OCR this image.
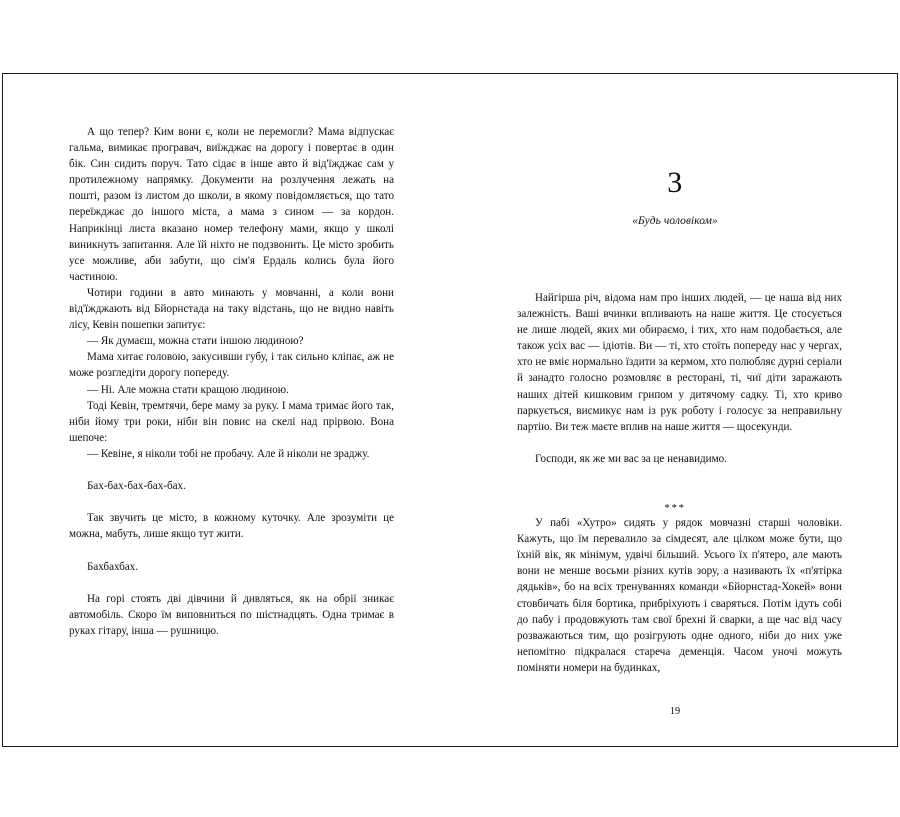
А що тепер? Ким вони є, коли не перемогли? Мама відпускає гальма, вимикає програвач, виїжджає на дорогу і повертає в один бік. Син сидить поруч. Тато сідає в інше авто й від'їжджає сам у протилежному напрямку. Документи на розлучення лежать на пошті, разом із листом до школи, в якому повідомляється, що тато переїжджає до іншого міста, а мама з сином — за кордон. Наприкінці листа вказано номер телефону мами, якщо у школі виникнуть запитання. Але їй ніхто не подзвонить. Це місто зробить усе можливе, аби забути, що сім'я Ердаль колись була його частиною.

Чотири години в авто минають у мовчанні, а коли вони від'їжджають від Бйорнстада на таку відстань, що не видно навіть лісу, Кевін пошепки запитує:

— Як думаєш, можна стати іншою людиною?

Мама хитає головою, закусивши губу, і так сильно кліпає, аж не може розгледіти дорогу попереду.

— Ні. Але можна стати кращою людиною.

Тоді Кевін, тремтячи, бере маму за руку. І мама тримає його так, ніби йому три роки, ніби він повис на скелі над прірвою. Вона шепоче:

— Кевіне, я ніколи тобі не пробачу. Але й ніколи не зраджу.

Бах-бах-бах-бах-бах.

Так звучить це місто, в кожному куточку. Але зрозуміти це можна, мабуть, лише якщо тут жити.

Бахбахбах.

На горі стоять дві дівчини й дивляться, як на обрії зникає автомобіль. Скоро їм виповниться по шістнадцять. Одна тримає в руках гітару, інша — рушницю.

3
«Будь чоловіком»

Найгірша річ, відома нам про інших людей, — це наша від них залежність. Ваші вчинки впливають на наше життя. Це стосується не лише людей, яких ми обираємо, і тих, хто нам подобається, але також усіх вас — ідіотів. Ви — ті, хто стоїть попереду нас у чергах, хто не вміє нормально їздити за кермом, хто полюбляє дурні серіали й занадто голосно розмовляє в ресторані, ті, чиї діти заражають наших дітей кишковим грипом у дитячому садку. Ті, хто криво паркується, висмикує нам із рук роботу і голосує за неправильну партію. Ви теж маєте вплив на наше життя — щосекунди.

Господи, як же ми вас за це ненавидимо.

У пабі «Хутро» сидять у рядок мовчазні старші чоловіки. Кажуть, що їм перевалило за сімдесят, але цілком може бути, що їхній вік, як мінімум, удвічі більший. Усього їх п'ятеро, але мають вони не менше восьми різних кутів зору, а називають їх «п'ятірка дядьків», бо на всіх тренуваннях команди «Бйорнстад-Хокей» вони стовбичать біля бортика, прибріхують і сваряться. Потім ідуть собі до пабу і продовжують там свої брехні й сварки, а ще час від часу розважаються тим, що розігрують одне одного, ніби до них уже непомітно підкралася стареча деменція. Часом уночі можуть поміняти номери на будинках,

***
19
